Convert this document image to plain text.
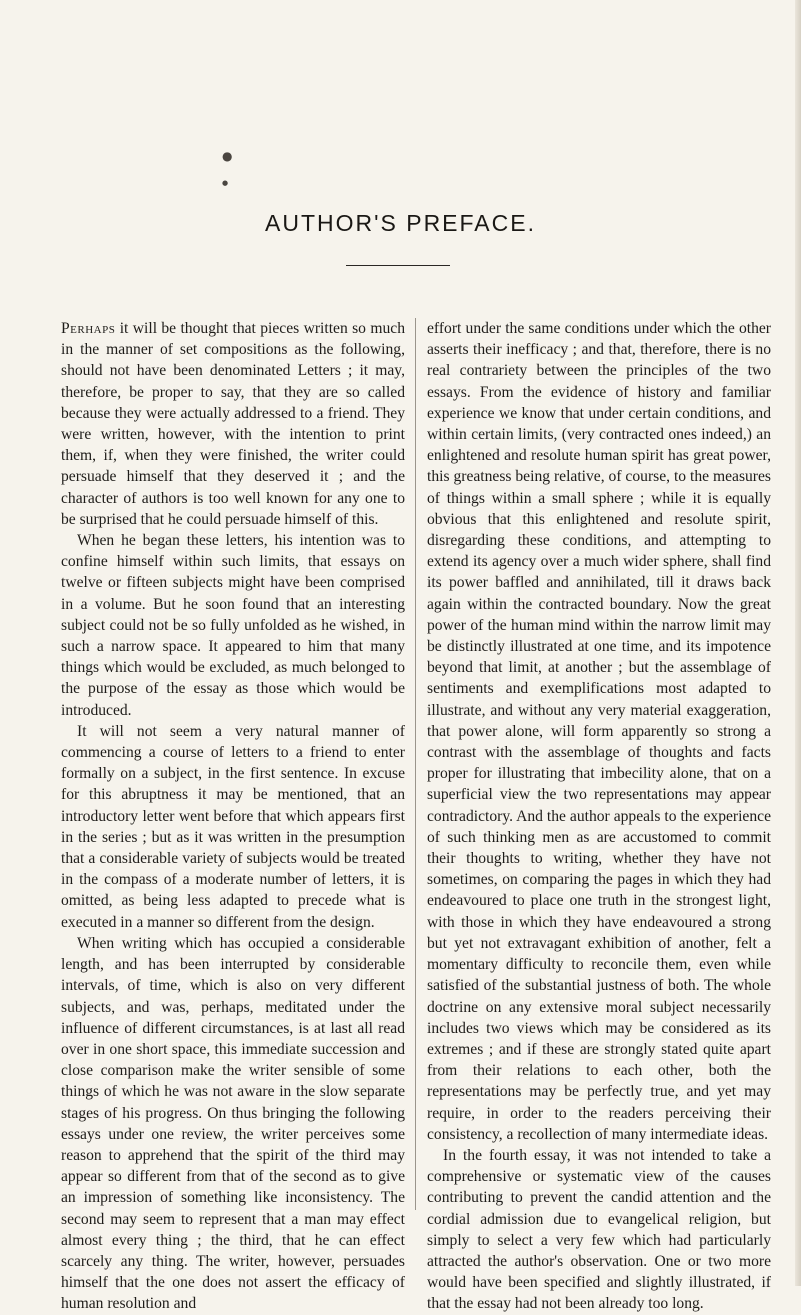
●
●
AUTHOR'S PREFACE.

Perhaps it will be thought that pieces written so much in the manner of set compositions as the following, should not have been denominated Letters ; it may, therefore, be proper to say, that they are so called because they were actually addressed to a friend. They were written, however, with the intention to print them, if, when they were finished, the writer could persuade himself that they deserved it ; and the character of authors is too well known for any one to be surprised that he could persuade himself of this.

When he began these letters, his intention was to confine himself within such limits, that essays on twelve or fifteen subjects might have been comprised in a volume. But he soon found that an interesting subject could not be so fully unfolded as he wished, in such a narrow space. It appeared to him that many things which would be excluded, as much belonged to the purpose of the essay as those which would be introduced.

It will not seem a very natural manner of commencing a course of letters to a friend to enter formally on a subject, in the first sentence. In excuse for this abruptness it may be mentioned, that an introductory letter went before that which appears first in the series ; but as it was written in the presumption that a considerable variety of subjects would be treated in the compass of a moderate number of letters, it is omitted, as being less adapted to precede what is executed in a manner so different from the design.

When writing which has occupied a considerable length, and has been interrupted by considerable intervals, of time, which is also on very different subjects, and was, perhaps, meditated under the influence of different circumstances, is at last all read over in one short space, this immediate succession and close comparison make the writer sensible of some things of which he was not aware in the slow separate stages of his progress. On thus bringing the following essays under one review, the writer perceives some reason to apprehend that the spirit of the third may appear so different from that of the second as to give an impression of something like inconsistency. The second may seem to represent that a man may effect almost every thing ; the third, that he can effect scarcely any thing. The writer, however, persuades himself that the one does not assert the efficacy of human resolution and

effort under the same conditions under which the other asserts their inefficacy ; and that, therefore, there is no real contrariety between the principles of the two essays. From the evidence of history and familiar experience we know that under certain conditions, and within certain limits, (very contracted ones indeed,) an enlightened and resolute human spirit has great power, this greatness being relative, of course, to the measures of things within a small sphere ; while it is equally obvious that this enlightened and resolute spirit, disregarding these conditions, and attempting to extend its agency over a much wider sphere, shall find its power baffled and annihilated, till it draws back again within the contracted boundary. Now the great power of the human mind within the narrow limit may be distinctly illustrated at one time, and its impotence beyond that limit, at another ; but the assemblage of sentiments and exemplifications most adapted to illustrate, and without any very material exaggeration, that power alone, will form apparently so strong a contrast with the assemblage of thoughts and facts proper for illustrating that imbecility alone, that on a superficial view the two representations may appear contradictory. And the author appeals to the experience of such thinking men as are accustomed to commit their thoughts to writing, whether they have not sometimes, on comparing the pages in which they had endeavoured to place one truth in the strongest light, with those in which they have endeavoured a strong but yet not extravagant exhibition of another, felt a momentary difficulty to reconcile them, even while satisfied of the substantial justness of both. The whole doctrine on any extensive moral subject necessarily includes two views which may be considered as its extremes ; and if these are strongly stated quite apart from their relations to each other, both the representations may be perfectly true, and yet may require, in order to the readers perceiving their consistency, a recollection of many intermediate ideas.

In the fourth essay, it was not intended to take a comprehensive or systematic view of the causes contributing to prevent the candid attention and the cordial admission due to evangelical religion, but simply to select a very few which had particularly attracted the author's observation. One or two more would have been specified and slightly illustrated, if that the essay had not been already too long.
